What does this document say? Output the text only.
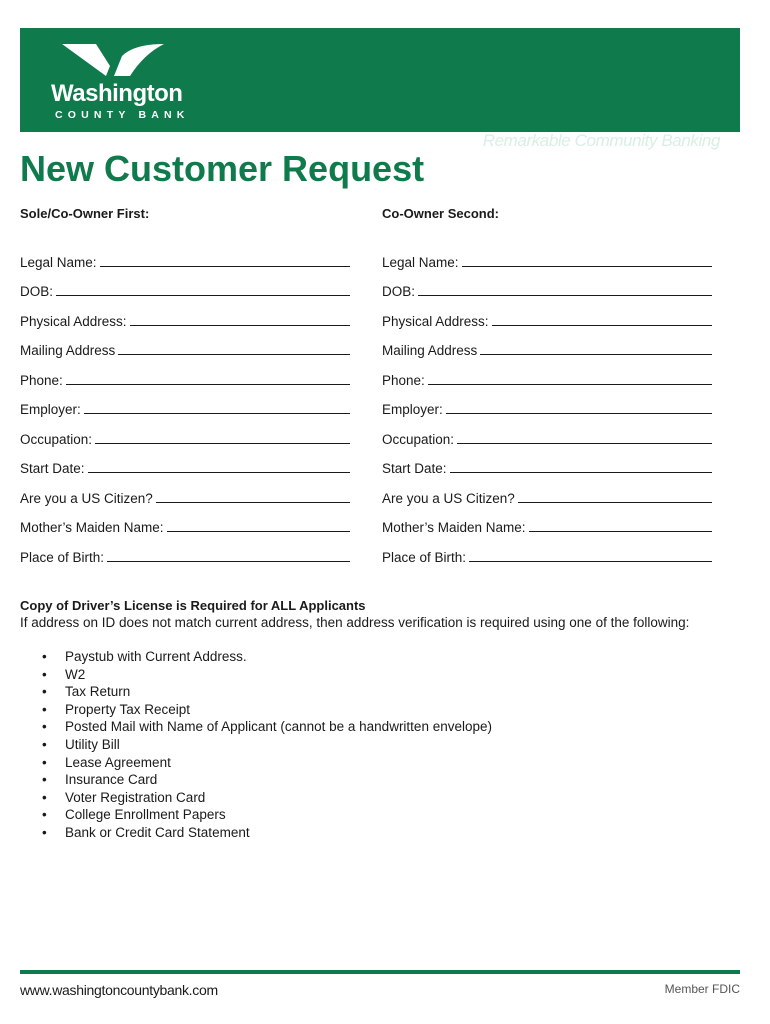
Washington
COUNTY BANK
Remarkable Community Banking
New Customer Request
Sole/Co-Owner First:
Legal Name:
DOB:
Physical Address:
Mailing Address
Phone:
Employer:
Occupation:
Start Date:
Are you a US Citizen?
Mother’s Maiden Name:
Place of Birth:
Co-Owner Second:
Legal Name:
DOB:
Physical Address:
Mailing Address
Phone:
Employer:
Occupation:
Start Date:
Are you a US Citizen?
Mother’s Maiden Name:
Place of Birth:
Copy of Driver’s License is Required for ALL Applicants
If address on ID does not match current address, then address verification is required using one of the following:
• Paystub with Current Address.
• W2
• Tax Return
• Property Tax Receipt
• Posted Mail with Name of Applicant (cannot be a handwritten envelope)
• Utility Bill
• Lease Agreement
• Insurance Card
• Voter Registration Card
• College Enrollment Papers
• Bank or Credit Card Statement
www.washingtoncountybank.com	Member FDIC
